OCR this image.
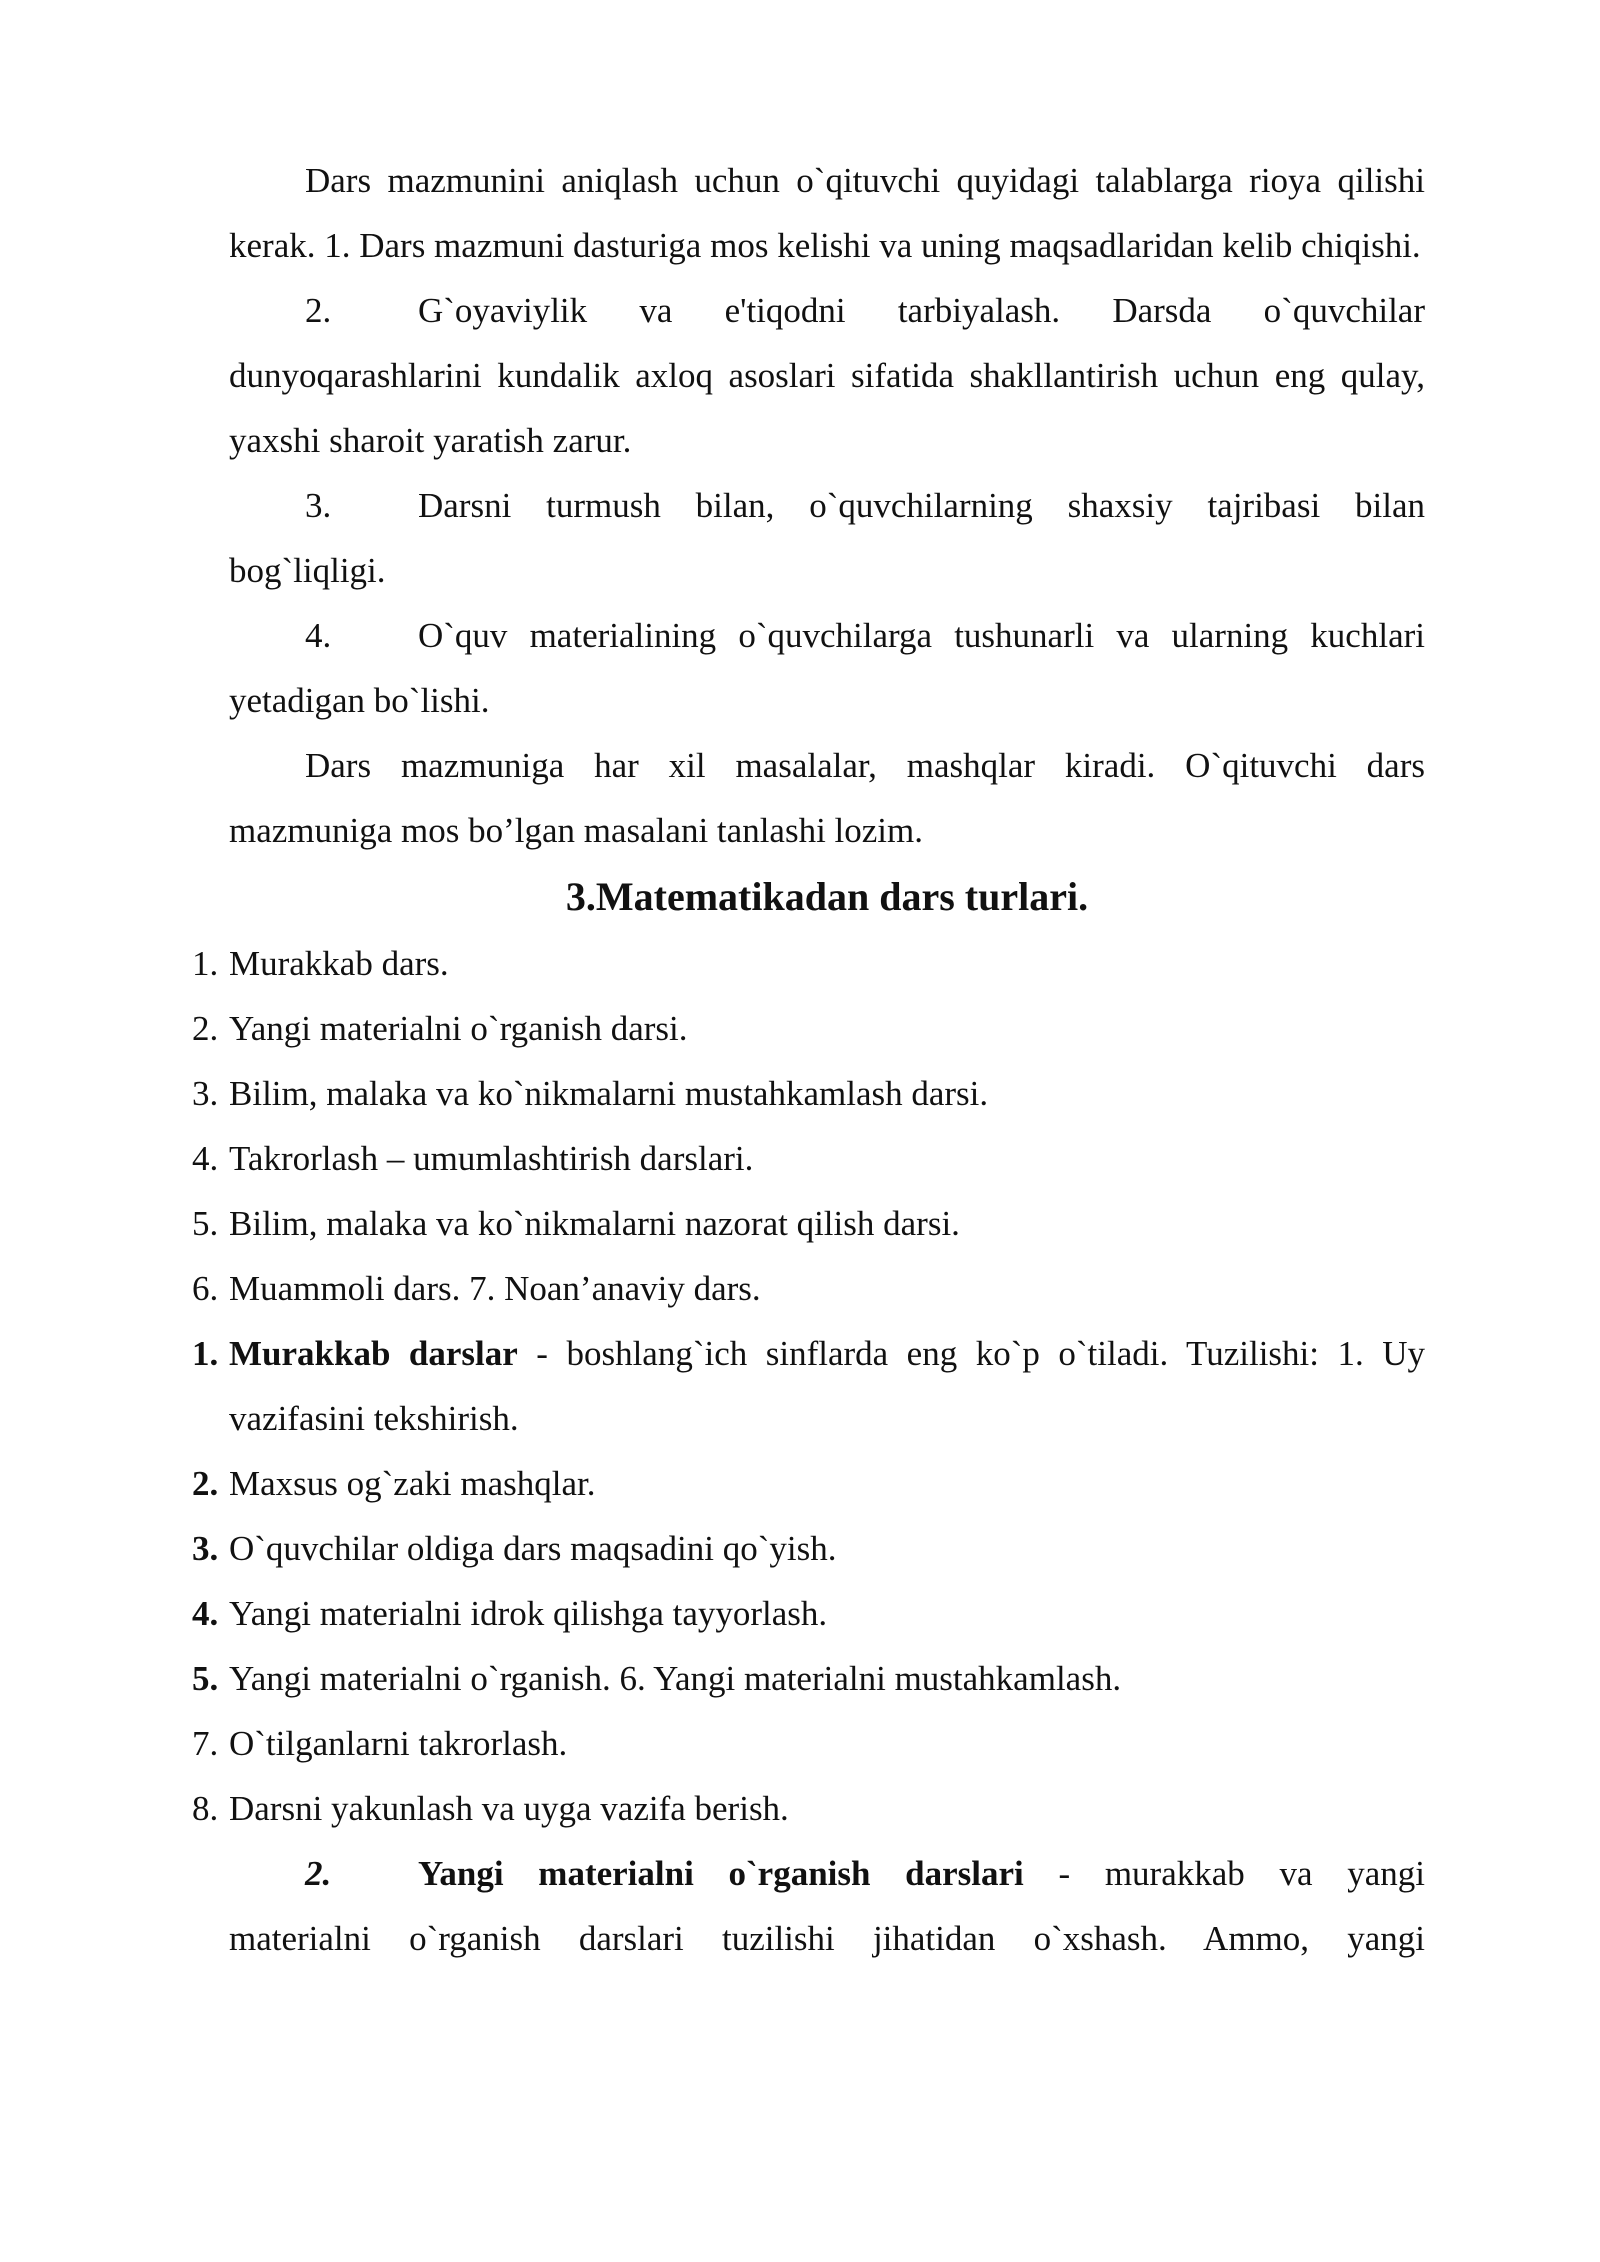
Dars mazmunini aniqlash uchun o`qituvchi quyidagi talablarga rioya qilishi kerak. 1. Dars mazmuni dasturiga mos kelishi va uning maqsadlaridan kelib chiqishi.

2.	G`oyaviylik va e'tiqodni tarbiyalash. Darsda o`quvchilar

dunyoqarashlarini kundalik axloq asoslari sifatida shakllantirish uchun eng qulay, yaxshi sharoit yaratish zarur.

3.	Darsni turmush bilan, o`quvchilarning shaxsiy tajribasi bilan

bog`liqligi.

4.	O`quv materialining o`quvchilarga tushunarli va ularning kuchlari

yetadigan bo`lishi.

Dars mazmuniga har xil masalalar, mashqlar kiradi. O`qituvchi dars mazmuniga mos bo’lgan masalani tanlashi lozim.

3.Matematikadan dars turlari.

1. Murakkab dars.

2. Yangi materialni o`rganish darsi.

3. Bilim, malaka va ko`nikmalarni mustahkamlash darsi.

4. Takrorlash – umumlashtirish darslari.

5. Bilim, malaka va ko`nikmalarni nazorat qilish darsi.

6. Muammoli dars. 7. Noan’anaviy dars.

1. Murakkab darslar - boshlang`ich sinflarda eng ko`p o`tiladi. Tuzilishi: 1. Uy vazifasini tekshirish.

2. Maxsus og`zaki mashqlar.

3. O`quvchilar oldiga dars maqsadini qo`yish.

4. Yangi materialni idrok qilishga tayyorlash.

5. Yangi materialni o`rganish. 6. Yangi materialni mustahkamlash.

7. O`tilganlarni takrorlash.

8. Darsni yakunlash va uyga vazifa berish.

2.	Yangi materialni o`rganish darslari - murakkab va yangi

materialni o`rganish darslari tuzilishi jihatidan o`xshash. Ammo, yangi
